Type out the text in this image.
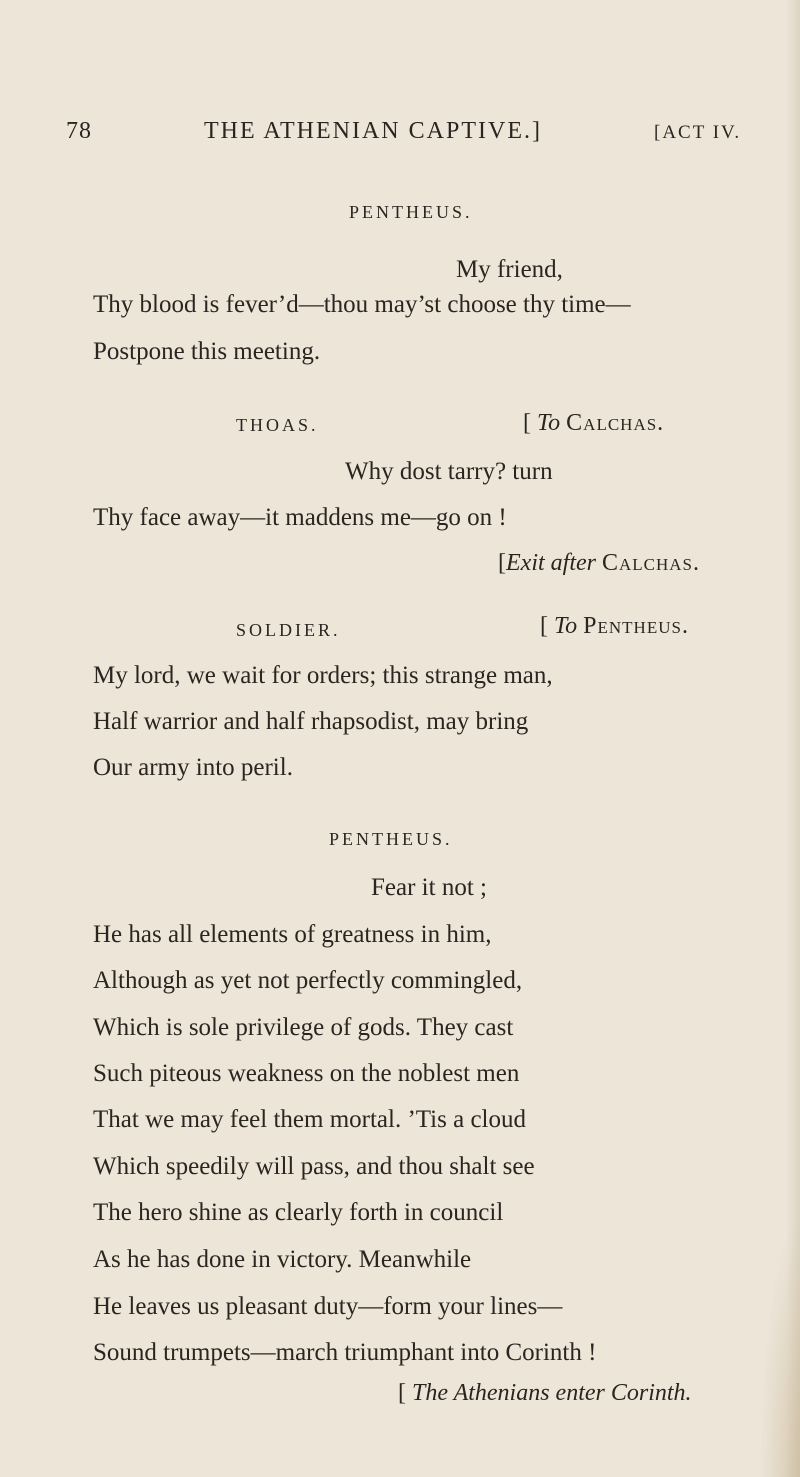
78	THE ATHENIAN CAPTIVE.]	[ACT IV.
PENTHEUS.
My friend,
Thy blood is fever’d—thou may’st choose thy time—
Postpone this meeting.
THOAS.	[ To Calchas.
Why dost tarry? turn
Thy face away—it maddens me—go on !
[Exit after Calchas.
SOLDIER.	[ To Pentheus.
My lord, we wait for orders; this strange man,
Half warrior and half rhapsodist, may bring
Our army into peril.
PENTHEUS.
Fear it not ;
He has all elements of greatness in him,
Although as yet not perfectly commingled,
Which is sole privilege of gods. They cast
Such piteous weakness on the noblest men
That we may feel them mortal. ’Tis a cloud
Which speedily will pass, and thou shalt see
The hero shine as clearly forth in council
As he has done in victory. Meanwhile
He leaves us pleasant duty—form your lines—
Sound trumpets—march triumphant into Corinth !
[ The Athenians enter Corinth.
